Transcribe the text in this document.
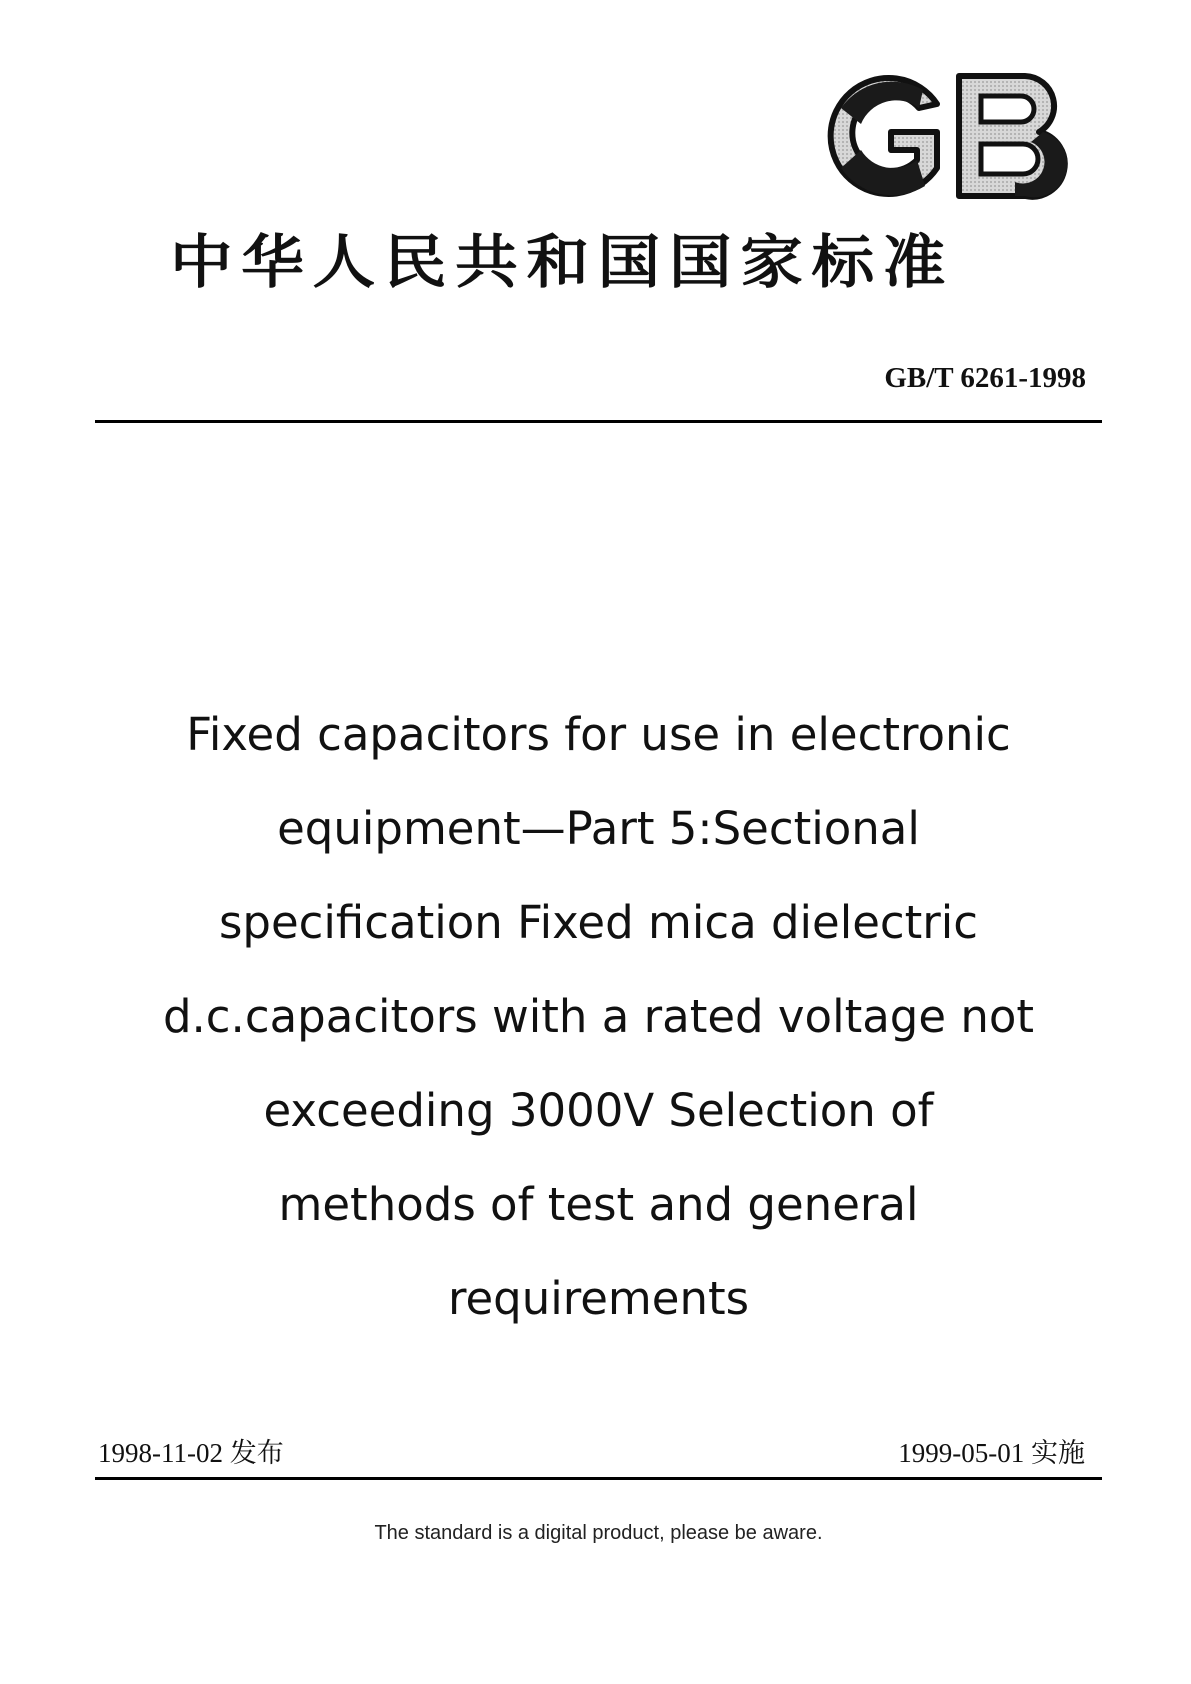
中华人民共和国国家标准
GB/T 6261-1998
Fixed capacitors for use in electronic
equipment—Part 5:Sectional
specification Fixed mica dielectric
d.c.capacitors with a rated voltage not
exceeding 3000V Selection of
methods of test and general
requirements
1998-11-02 发布	1999-05-01 实施
The standard is a digital product, please be aware.
